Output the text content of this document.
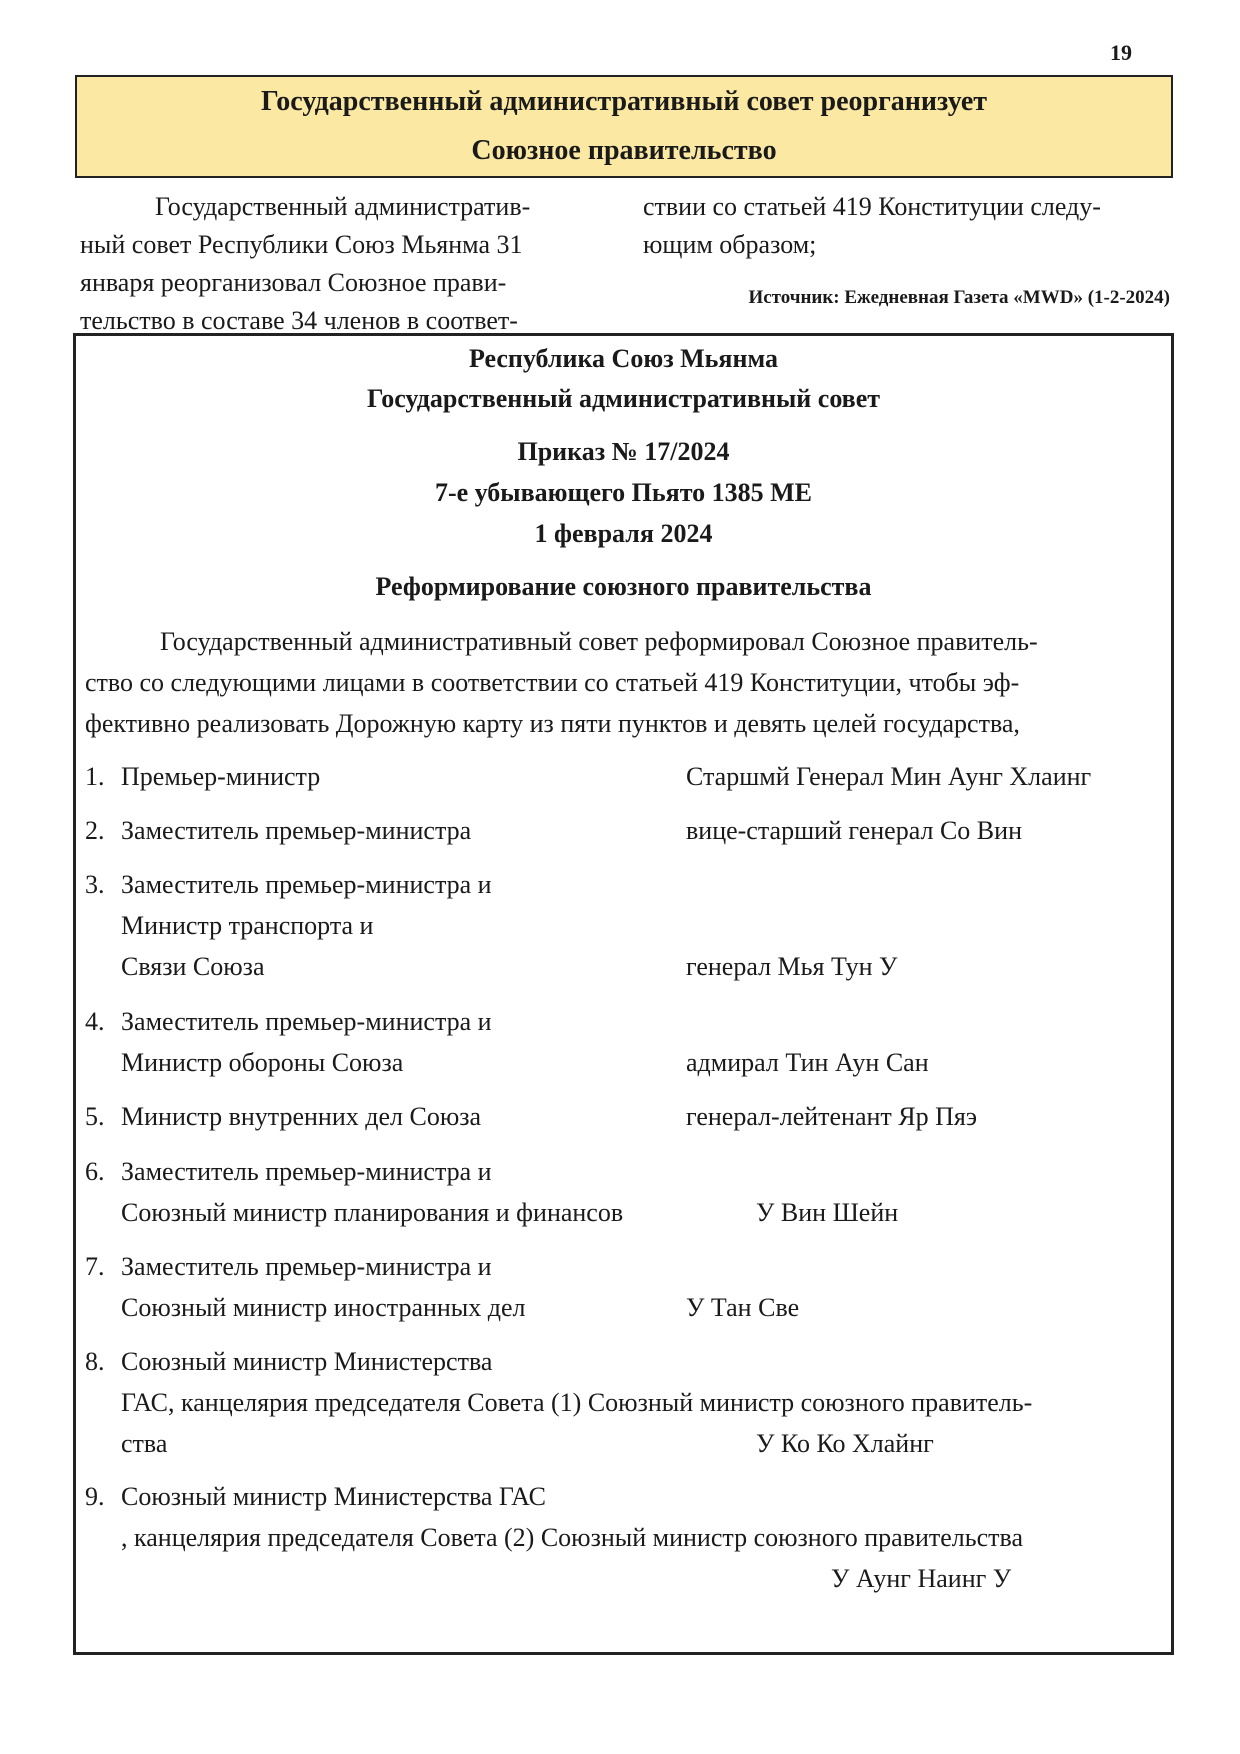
19
Государственный административный совет реорганизует
Союзное правительство
Государственный административ-
ный совет Республики Союз Мьянма 31
января реорганизовал Союзное прави-
тельство в составе 34 членов в соответ-
ствии со статьей 419 Конституции следу-
ющим образом;
Источник: Ежедневная Газета «MWD» (1-2-2024)
Республика Союз Мьянма
Государственный административный совет
Приказ № 17/2024
7-е убывающего Пьято 1385 МЕ
1 февраля 2024
Реформирование союзного правительства

Государственный административный совет реформировал Союзное правитель-
ство со следующими лицами в соответствии со статьей 419 Конституции, чтобы эф-
фективно реализовать Дорожную карту из пяти пунктов и девять целей государства,

1. Премьер-министр	Старшмй Генерал Мин Аунг Хлаинг
2. Заместитель премьер-министра	вице-старший генерал Со Вин
3. Заместитель премьер-министра и
Министр транспорта и
Связи Союза	генерал Мья Тун У
4. Заместитель премьер-министра и
Министр обороны Союза	адмирал Тин Аун Сан
5. Министр внутренних дел Союза	генерал-лейтенант Яр Пяэ
6. Заместитель премьер-министра и
Союзный министр планирования и финансов	У Вин Шейн
7. Заместитель премьер-министра и
Союзный министр иностранных дел	У Тан Све
8. Союзный министр Министерства
ГАС, канцелярия председателя Совета (1) Союзный министр союзного правитель-
ства	У Ко Ко Хлайнг
9. Союзный министр Министерства ГАС
, канцелярия председателя Совета (2) Союзный министр союзного правительства
У Аунг Наинг У
